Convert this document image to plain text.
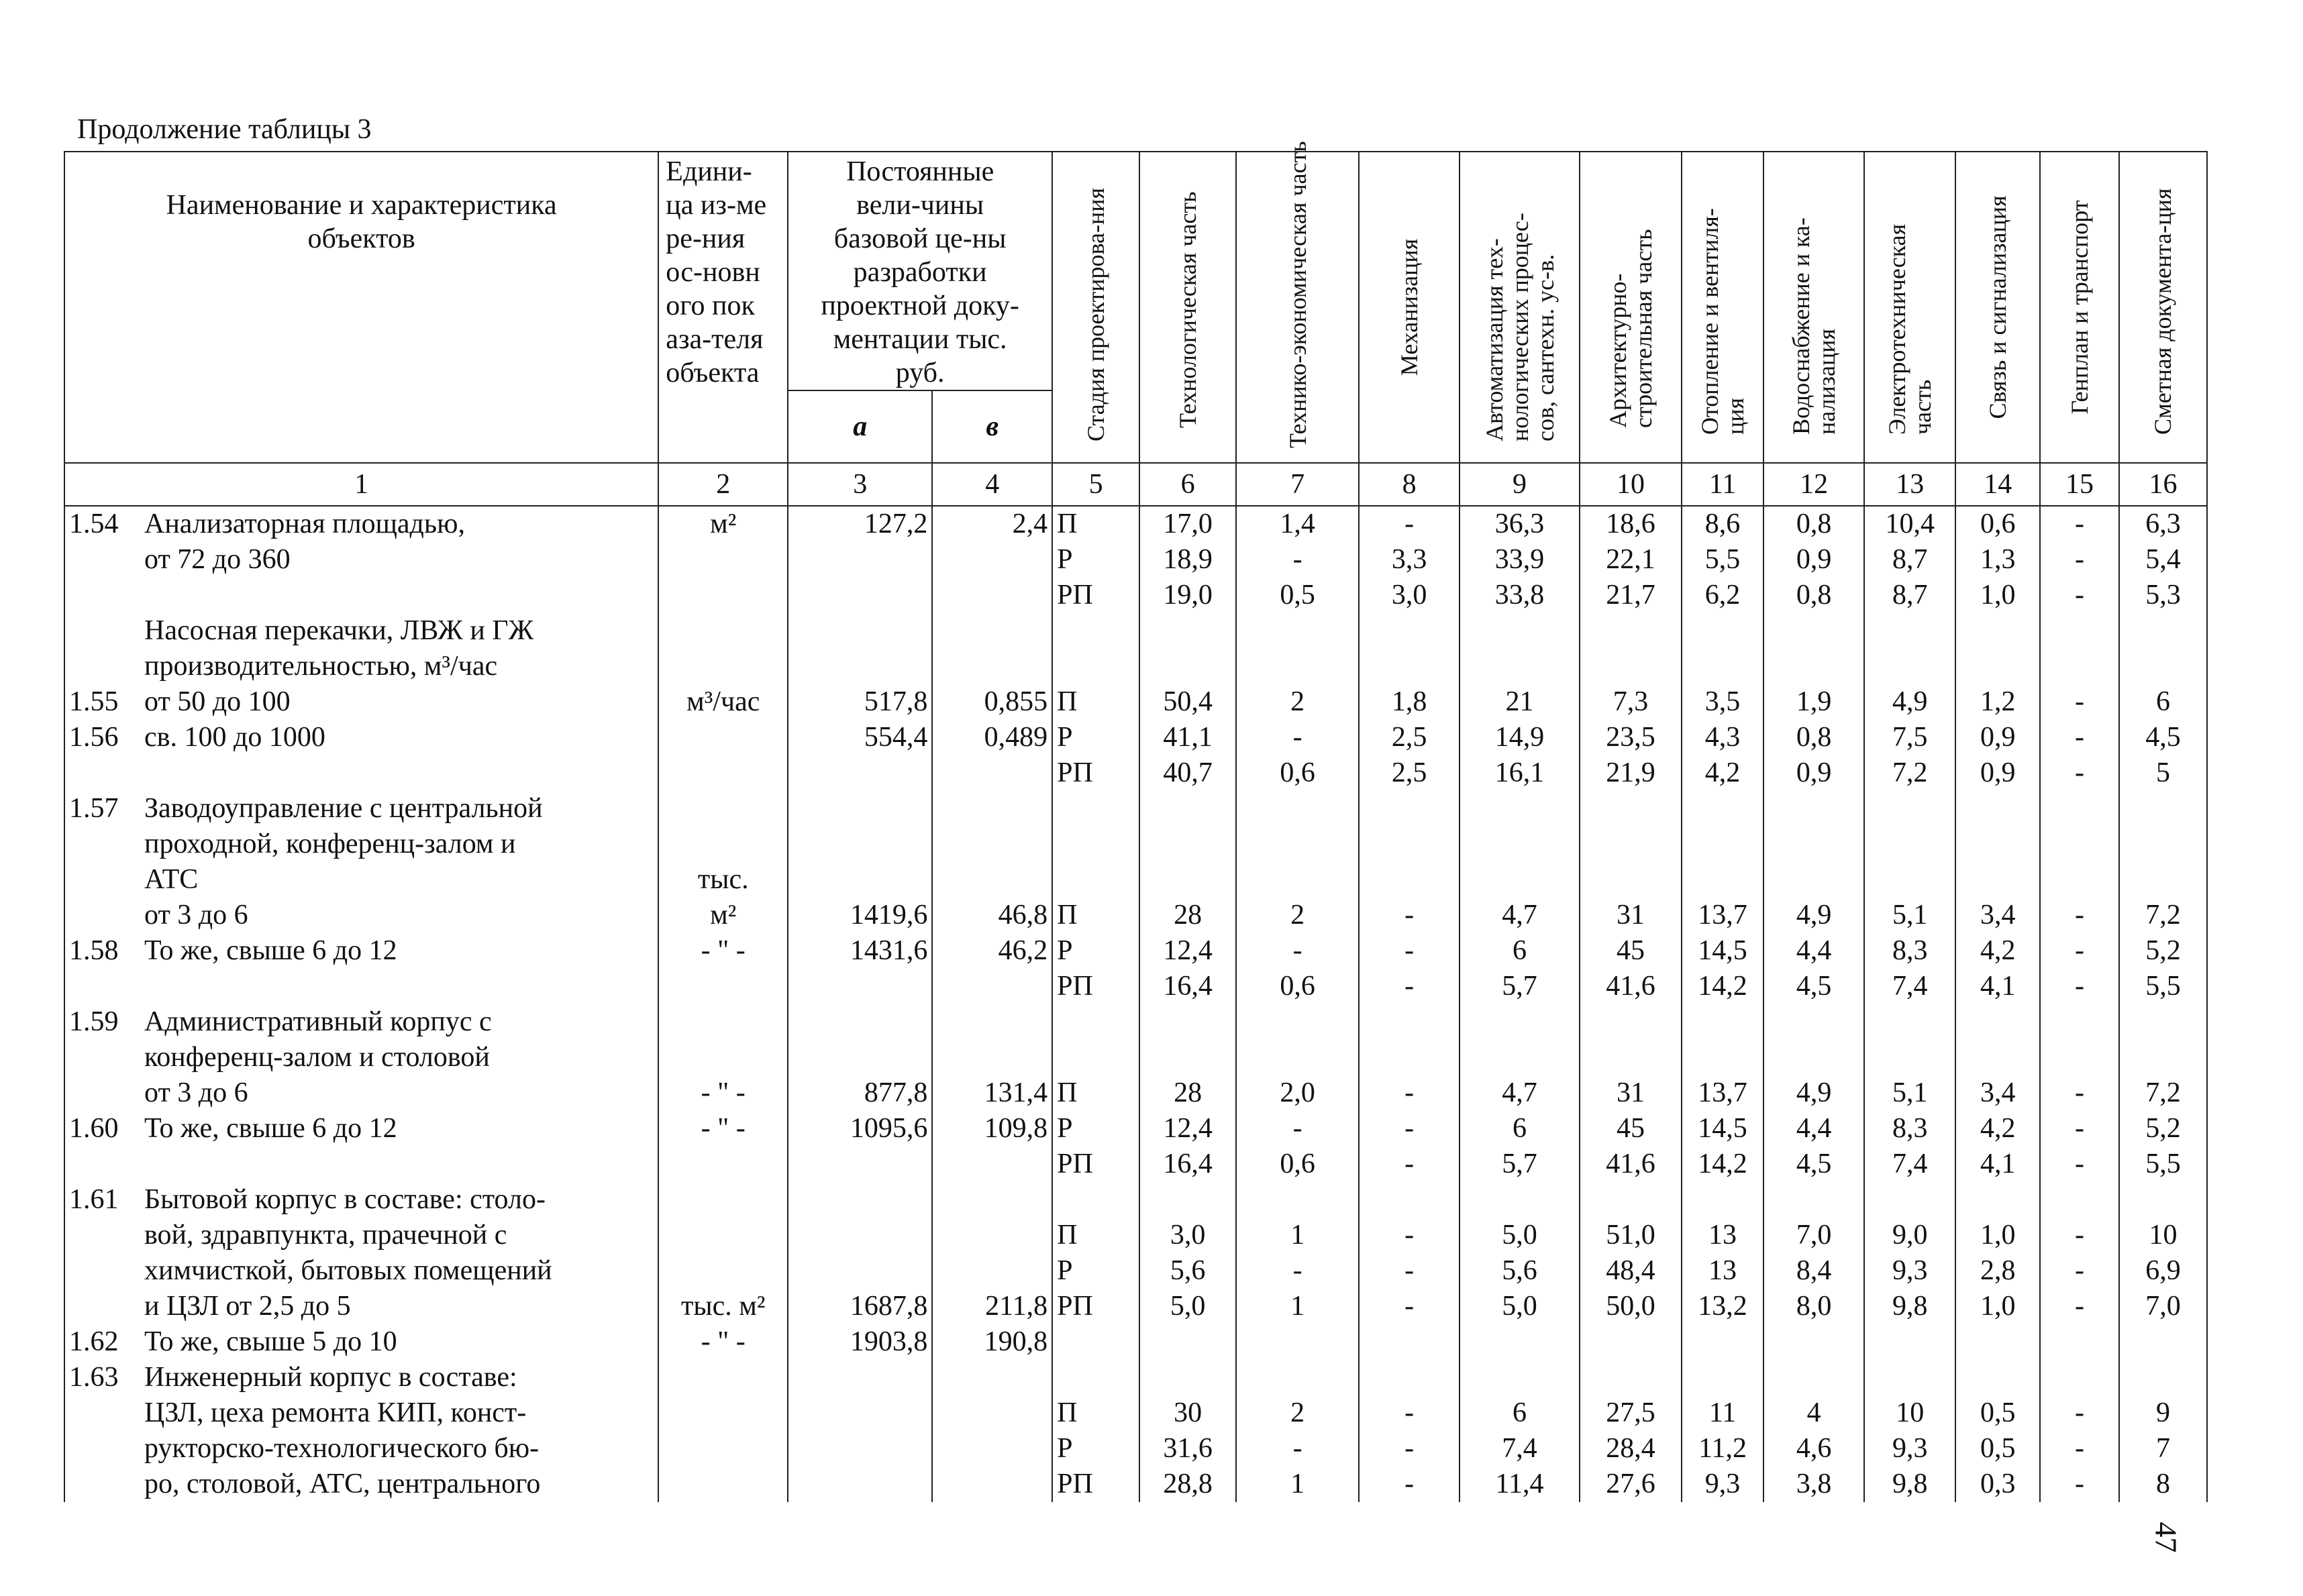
Продолжение таблицы 3
Наименование и характеристика объектов	Едини-ца из-мере-ния ос-новного показа-теля объекта	Постоянные вели-чины базовой це-ны разработки проектной доку-ментации тыс. руб.		Стадия проектирова-ния	Технологическая часть	Технико-экономическая часть	Механизация	Автоматизация тех-нологических процес-сов, сантехн. ус-в.	Архитектурно-строительная часть	Отопление и вентиля-ция	Водоснабжение и ка-нализация	Электротехническая часть	Связь и сигнализация	Генплан и транспорт	Сметная документа-ция

		а	в												
1	2	3	4	5	6	7	8	9	10	11	12	13	14	15	16
1.54 Анализаторная площадью,	м²	127,2	2,4	П	17,0	1,4	-	36,3	18,6	8,6	0,8	10,4	0,6	-	6,3
от 72 до 360				Р	18,9	-	3,3	33,9	22,1	5,5	0,9	8,7	1,3	-	5,4
				РП	19,0	0,5	3,0	33,8	21,7	6,2	0,8	8,7	1,0	-	5,3
Насосная перекачки, ЛВЖ и ГЖ															
производительностью, м³/час															
1.55 от 50 до 100	м³/час	517,8	0,855	П	50,4	2	1,8	21	7,3	3,5	1,9	4,9	1,2	-	6
1.56 св. 100 до 1000		554,4	0,489	Р	41,1	-	2,5	14,9	23,5	4,3	0,8	7,5	0,9	-	4,5
				РП	40,7	0,6	2,5	16,1	21,9	4,2	0,9	7,2	0,9	-	5
1.57 Заводоуправление с центральной															
проходной, конференц-залом и															
АТС	тыс.														
от 3 до 6	м²	1419,6	46,8	П	28	2	-	4,7	31	13,7	4,9	5,1	3,4	-	7,2
1.58 То же, свыше 6 до 12	- " -	1431,6	46,2	Р	12,4	-	-	6	45	14,5	4,4	8,3	4,2	-	5,2
				РП	16,4	0,6	-	5,7	41,6	14,2	4,5	7,4	4,1	-	5,5
1.59 Административный корпус с															
конференц-залом и столовой															
от 3 до 6	- " -	877,8	131,4	П	28	2,0	-	4,7	31	13,7	4,9	5,1	3,4	-	7,2
1.60 То же, свыше 6 до 12	- " -	1095,6	109,8	Р	12,4	-	-	6	45	14,5	4,4	8,3	4,2	-	5,2
				РП	16,4	0,6	-	5,7	41,6	14,2	4,5	7,4	4,1	-	5,5
1.61 Бытовой корпус в составе: столо-															
вой, здравпункта, прачечной с				П	3,0	1	-	5,0	51,0	13	7,0	9,0	1,0	-	10
химчисткой, бытовых помещений				Р	5,6	-	-	5,6	48,4	13	8,4	9,3	2,8	-	6,9
и ЦЗЛ от 2,5 до 5	тыс. м²	1687,8	211,8	РП	5,0	1	-	5,0	50,0	13,2	8,0	9,8	1,0	-	7,0
1.62 То же, свыше 5 до 10	- " -	1903,8	190,8												
1.63 Инженерный корпус в составе:															
ЦЗЛ, цеха ремонта КИП, конст-				П	30	2	-	6	27,5	11	4	10	0,5	-	9
рукторско-технологического бю-				Р	31,6	-	-	7,4	28,4	11,2	4,6	9,3	0,5	-	7
ро, столовой, АТС, центрального				РП	28,8	1	-	11,4	27,6	9,3	3,8	9,8	0,3	-	8
47
